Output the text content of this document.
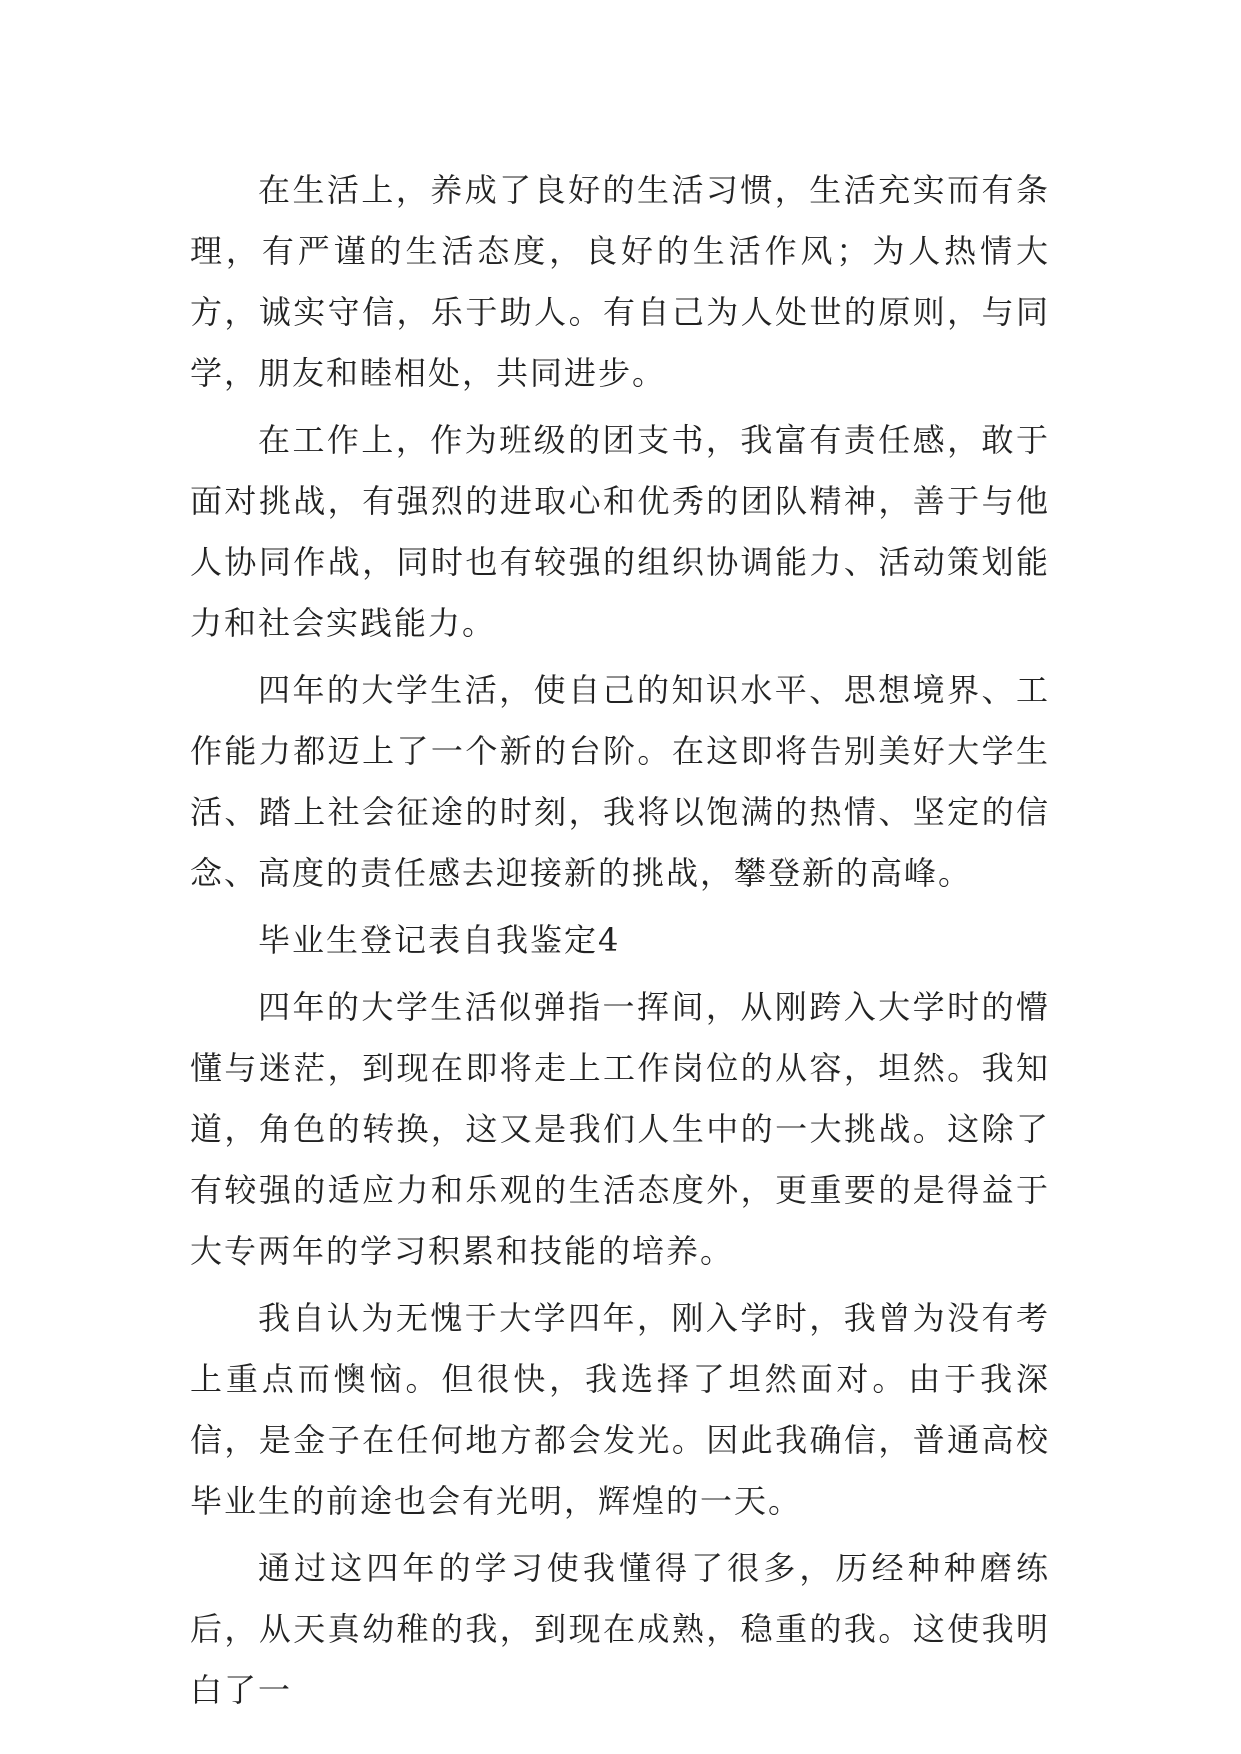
在生活上，养成了良好的生活习惯，生活充实而有条理，有严谨的生活态度，良好的生活作风；为人热情大方，诚实守信，乐于助人。有自己为人处世的原则，与同学，朋友和睦相处，共同进步。

在工作上，作为班级的团支书，我富有责任感，敢于面对挑战，有强烈的进取心和优秀的团队精神，善于与他人协同作战，同时也有较强的组织协调能力、活动策划能力和社会实践能力。

四年的大学生活，使自己的知识水平、思想境界、工作能力都迈上了一个新的台阶。在这即将告别美好大学生活、踏上社会征途的时刻，我将以饱满的热情、坚定的信念、高度的责任感去迎接新的挑战，攀登新的高峰。

毕业生登记表自我鉴定4

四年的大学生活似弹指一挥间，从刚跨入大学时的懵懂与迷茫，到现在即将走上工作岗位的从容，坦然。我知道，角色的转换，这又是我们人生中的一大挑战。这除了有较强的适应力和乐观的生活态度外，更重要的是得益于大专两年的学习积累和技能的培养。

我自认为无愧于大学四年，刚入学时，我曾为没有考上重点而懊恼。但很快，我选择了坦然面对。由于我深信，是金子在任何地方都会发光。因此我确信，普通高校毕业生的前途也会有光明，辉煌的一天。

通过这四年的学习使我懂得了很多，历经种种磨练后，从天真幼稚的我，到现在成熟，稳重的我。这使我明白了一
